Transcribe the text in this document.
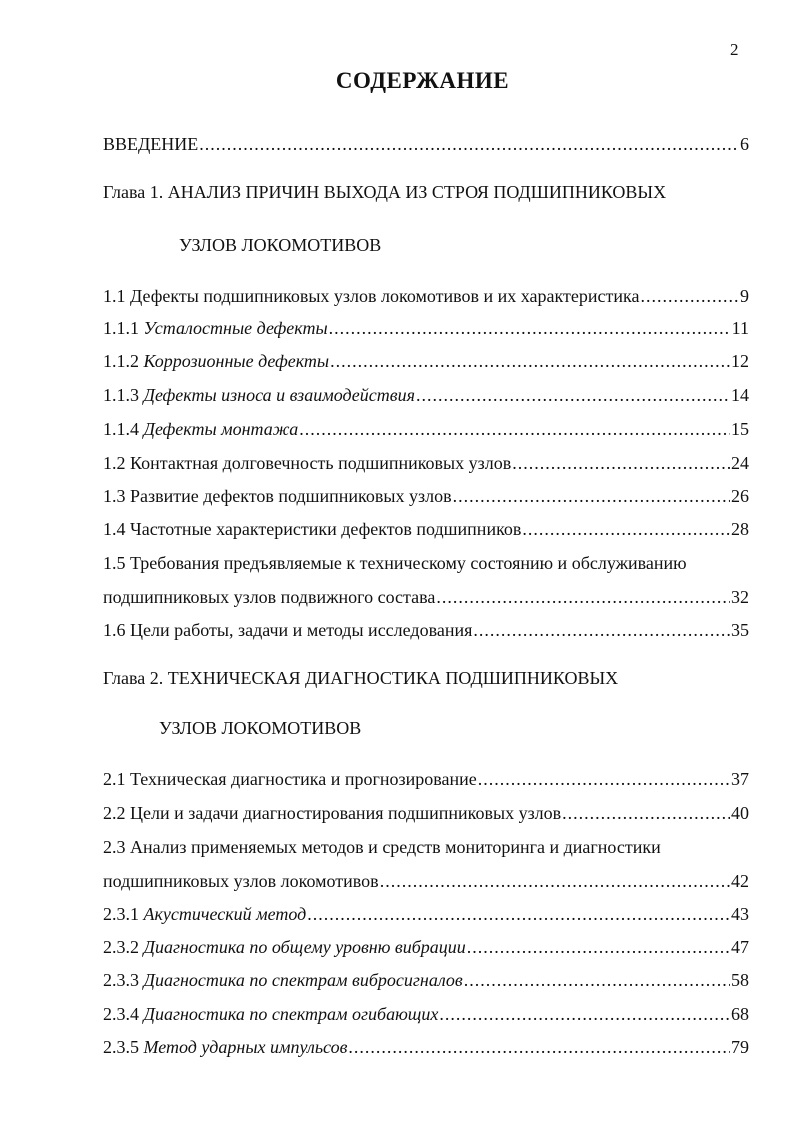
2
СОДЕРЖАНИЕ
ВВЕДЕНИЕ .....	6
Глава 1. АНАЛИЗ ПРИЧИН ВЫХОДА ИЗ СТРОЯ ПОДШИПНИКОВЫХ
УЗЛОВ ЛОКОМОТИВОВ
1.1 Дефекты подшипниковых узлов локомотивов и их характеристика .....	9
1.1.1 Усталостные дефекты .....	11
1.1.2 Коррозионные дефекты .....	12
1.1.3 Дефекты износа и взаимодействия .....	14
1.1.4 Дефекты монтажа .....	15
1.2 Контактная долговечность подшипниковых узлов .....	24
1.3 Развитие дефектов подшипниковых узлов .....	26
1.4 Частотные характеристики дефектов подшипников .....	28
1.5 Требования предъявляемые к техническому состоянию и обслуживанию
подшипниковых узлов подвижного состава .....	32
1.6 Цели работы, задачи и методы исследования .....	35
Глава 2. ТЕХНИЧЕСКАЯ ДИАГНОСТИКА ПОДШИПНИКОВЫХ
УЗЛОВ ЛОКОМОТИВОВ
2.1 Техническая диагностика и прогнозирование .....	37
2.2 Цели и задачи диагностирования подшипниковых узлов .....	40
2.3 Анализ применяемых методов и средств мониторинга и диагностики
подшипниковых узлов локомотивов .....	42
2.3.1 Акустический метод .....	43
2.3.2 Диагностика по общему уровню вибрации .....	47
2.3.3 Диагностика по спектрам вибросигналов .....	58
2.3.4 Диагностика по спектрам огибающих .....	68
2.3.5 Метод ударных импульсов .....	79
